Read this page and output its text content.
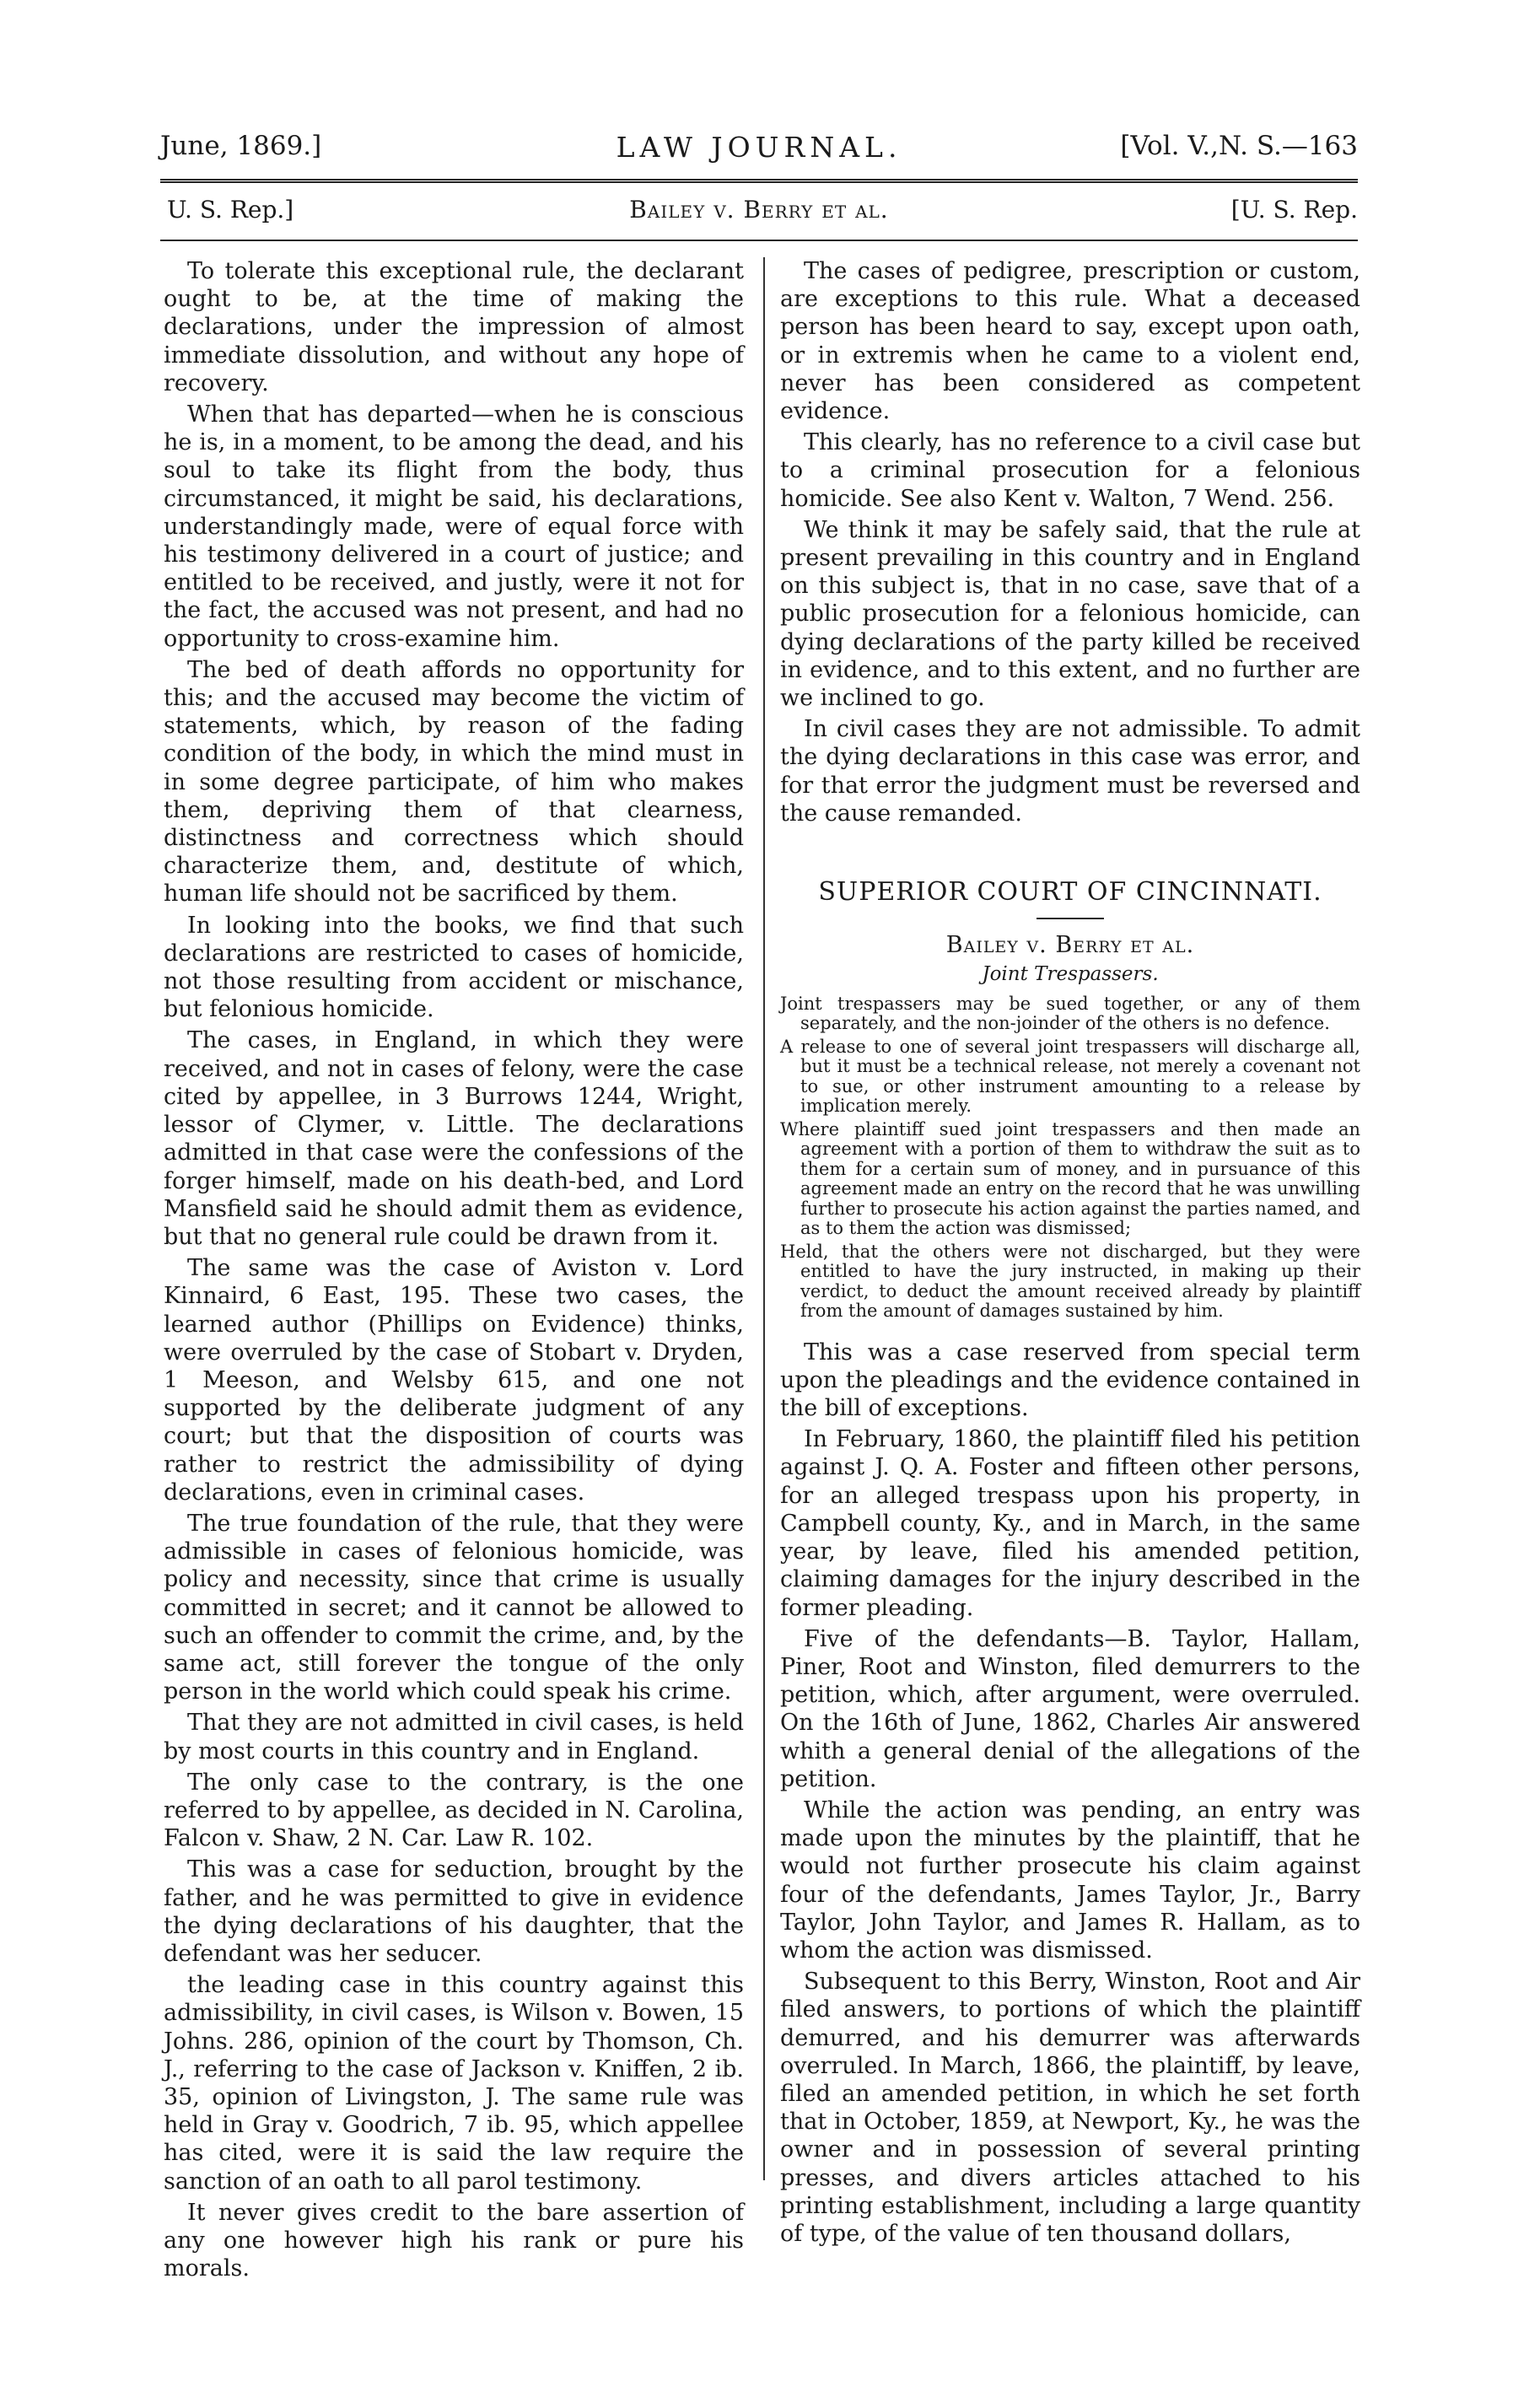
June, 1869.]	LAW JOURNAL.	[Vol. V.,N. S.—163
U. S. Rep.]	Bailey v. Berry et al.	[U. S. Rep.

To tolerate this exceptional rule, the declarant ought to be, at the time of making the declarations, under the impression of almost immediate dissolution, and without any hope of recovery.

When that has departed—when he is conscious he is, in a moment, to be among the dead, and his soul to take its flight from the body, thus circumstanced, it might be said, his declarations, understandingly made, were of equal force with his testimony delivered in a court of justice; and entitled to be received, and justly, were it not for the fact, the accused was not present, and had no opportunity to cross-examine him.

The bed of death affords no opportunity for this; and the accused may become the victim of statements, which, by reason of the fading condition of the body, in which the mind must in in some degree participate, of him who makes them, depriving them of that clearness, distinctness and correctness which should characterize them, and, destitute of which, human life should not be sacrificed by them.

In looking into the books, we find that such declarations are restricted to cases of homicide, not those resulting from accident or mischance, but felonious homicide.

The cases, in England, in which they were received, and not in cases of felony, were the case cited by appellee, in 3 Burrows 1244, Wright, lessor of Clymer, v. Little. The declarations admitted in that case were the confessions of the forger himself, made on his death-bed, and Lord Mansfield said he should admit them as evidence, but that no general rule could be drawn from it.

The same was the case of Aviston v. Lord Kinnaird, 6 East, 195. These two cases, the learned author (Phillips on Evidence) thinks, were overruled by the case of Stobart v. Dryden, 1 Meeson, and Welsby 615, and one not supported by the deliberate judgment of any court; but that the disposition of courts was rather to restrict the admissibility of dying declarations, even in criminal cases.

The true foundation of the rule, that they were admissible in cases of felonious homicide, was policy and necessity, since that crime is usually committed in secret; and it cannot be allowed to such an offender to commit the crime, and, by the same act, still forever the tongue of the only person in the world which could speak his crime.

That they are not admitted in civil cases, is held by most courts in this country and in England.

The only case to the contrary, is the one referred to by appellee, as decided in N. Carolina, Falcon v. Shaw, 2 N. Car. Law R. 102.

This was a case for seduction, brought by the father, and he was permitted to give in evidence the dying declarations of his daughter, that the defendant was her seducer.

the leading case in this country against this admissibility, in civil cases, is Wilson v. Bowen, 15 Johns. 286, opinion of the court by Thomson, Ch. J., referring to the case of Jackson v. Kniffen, 2 ib. 35, opinion of Livingston, J. The same rule was held in Gray v. Goodrich, 7 ib. 95, which appellee has cited, were it is said the law require the sanction of an oath to all parol testimony.

It never gives credit to the bare assertion of any one however high his rank or pure his morals.

The cases of pedigree, prescription or custom, are exceptions to this rule. What a deceased person has been heard to say, except upon oath, or in extremis when he came to a violent end, never has been considered as competent evidence.

This clearly, has no reference to a civil case but to a criminal prosecution for a felonious homicide. See also Kent v. Walton, 7 Wend. 256.

We think it may be safely said, that the rule at present prevailing in this country and in England on this subject is, that in no case, save that of a public prosecution for a felonious homicide, can dying declarations of the party killed be received in evidence, and to this extent, and no further are we inclined to go.

In civil cases they are not admissible. To admit the dying declarations in this case was error, and for that error the judgment must be reversed and the cause remanded.

SUPERIOR COURT OF CINCINNATI.
Bailey v. Berry et al.
Joint Trespassers.
Joint trespassers may be sued together, or any of them separately, and the non-joinder of the others is no defence.
A release to one of several joint trespassers will discharge all, but it must be a technical release, not merely a covenant not to sue, or other instrument amounting to a release by implication merely.
Where plaintiff sued joint trespassers and then made an agreement with a portion of them to withdraw the suit as to them for a certain sum of money, and in pursuance of this agreement made an entry on the record that he was unwilling further to prosecute his action against the parties named, and as to them the action was dismissed;
Held, that the others were not discharged, but they were entitled to have the jury instructed, in making up their verdict, to deduct the amount received already by plaintiff from the amount of damages sustained by him.

This was a case reserved from special term upon the pleadings and the evidence contained in the bill of exceptions.

In February, 1860, the plaintiff filed his petition against J. Q. A. Foster and fifteen other persons, for an alleged trespass upon his property, in Campbell county, Ky., and in March, in the same year, by leave, filed his amended petition, claiming damages for the injury described in the former pleading.

Five of the defendants—B. Taylor, Hallam, Piner, Root and Winston, filed demurrers to the petition, which, after argument, were overruled. On the 16th of June, 1862, Charles Air answered whith a general denial of the allegations of the petition.

While the action was pending, an entry was made upon the minutes by the plaintiff, that he would not further prosecute his claim against four of the defendants, James Taylor, Jr., Barry Taylor, John Taylor, and James R. Hallam, as to whom the action was dismissed.

Subsequent to this Berry, Winston, Root and Air filed answers, to portions of which the plaintiff demurred, and his demurrer was afterwards overruled. In March, 1866, the plaintiff, by leave, filed an amended petition, in which he set forth that in October, 1859, at Newport, Ky., he was the owner and in possession of several printing presses, and divers articles attached to his printing establishment, including a large quantity of type, of the value of ten thousand dollars,
